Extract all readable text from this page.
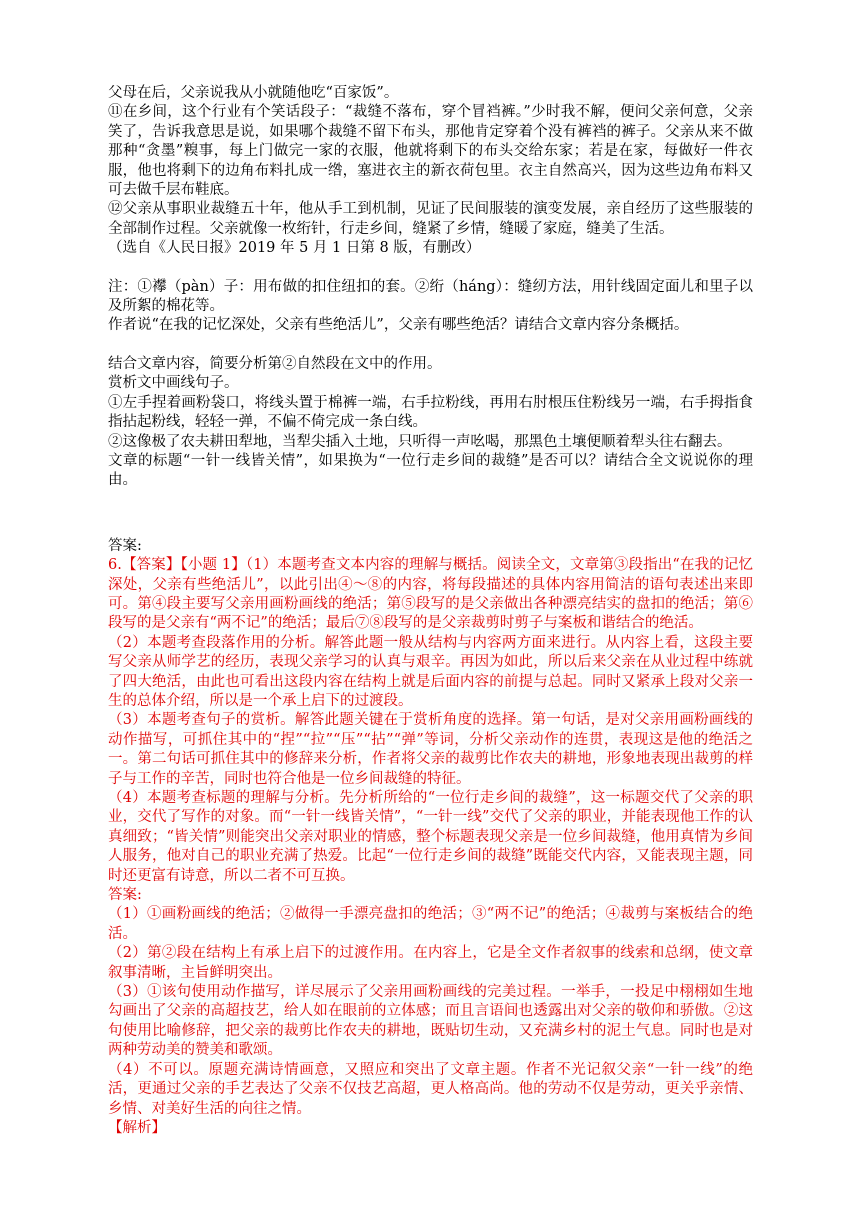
父母在后，父亲说我从小就随他吃“百家饭”。

⑪在乡间，这个行业有个笑话段子：“裁缝不落布，穿个冒裆裤。”少时我不解，便问父亲何意，父亲笑了，告诉我意思是说，如果哪个裁缝不留下布头，那他肯定穿着个没有裤裆的裤子。父亲从来不做那种“贪墨”糗事，每上门做完一家的衣服，他就将剩下的布头交给东家；若是在家，每做好一件衣服，他也将剩下的边角布料扎成一绺，塞进衣主的新衣荷包里。衣主自然高兴，因为这些边角布料又可去做千层布鞋底。

⑫父亲从事职业裁缝五十年，他从手工到机制，见证了民间服装的演变发展，亲自经历了这些服装的全部制作过程。父亲就像一枚绗针，行走乡间，缝紧了乡情，缝暖了家庭，缝美了生活。

（选自《人民日报》2019 年 5 月 1 日第 8 版，有删改）

注：①襻（pàn）子：用布做的扣住纽扣的套。②绗（háng）：缝纫方法，用针线固定面儿和里子以及所絮的棉花等。

作者说“在我的记忆深处，父亲有些绝活儿”，父亲有哪些绝活？请结合文章内容分条概括。

结合文章内容，简要分析第②自然段在文中的作用。

赏析文中画线句子。

①左手捏着画粉袋口，将线头置于棉裤一端，右手拉粉线，再用右肘根压住粉线另一端，右手拇指食指拈起粉线，轻轻一弹，不偏不倚完成一条白线。

②这像极了农夫耕田犁地，当犁尖插入土地，只听得一声吆喝，那黑色土壤便顺着犁头往右翻去。

文章的标题“一针一线皆关情”，如果换为“一位行走乡间的裁缝”是否可以？请结合全文说说你的理由。

答案:

6.【答案】【小题 1】（1）本题考查文本内容的理解与概括。阅读全文，文章第③段指出“在我的记忆深处，父亲有些绝活儿”，以此引出④～⑧的内容，将每段描述的具体内容用简洁的语句表述出来即可。第④段主要写父亲用画粉画线的绝活；第⑤段写的是父亲做出各种漂亮结实的盘扣的绝活；第⑥段写的是父亲有“两不记”的绝活；最后⑦⑧段写的是父亲裁剪时剪子与案板和谐结合的绝活。

（2）本题考查段落作用的分析。解答此题一般从结构与内容两方面来进行。从内容上看，这段主要写父亲从师学艺的经历，表现父亲学习的认真与艰辛。再因为如此，所以后来父亲在从业过程中练就了四大绝活，由此也可看出这段内容在结构上就是后面内容的前提与总起。同时又紧承上段对父亲一生的总体介绍，所以是一个承上启下的过渡段。

（3）本题考查句子的赏析。解答此题关键在于赏析角度的选择。第一句话，是对父亲用画粉画线的动作描写，可抓住其中的“捏”“拉”“压”“拈”“弹”等词，分析父亲动作的连贯，表现这是他的绝活之一。第二句话可抓住其中的修辞来分析，作者将父亲的裁剪比作农夫的耕地，形象地表现出裁剪的样子与工作的辛苦，同时也符合他是一位乡间裁缝的特征。

（4）本题考查标题的理解与分析。先分析所给的“一位行走乡间的裁缝”，这一标题交代了父亲的职业，交代了写作的对象。而“一针一线皆关情”，“一针一线”交代了父亲的职业，并能表现他工作的认真细致；“皆关情”则能突出父亲对职业的情感，整个标题表现父亲是一位乡间裁缝，他用真情为乡间人服务，他对自己的职业充满了热爱。比起“一位行走乡间的裁缝”既能交代内容，又能表现主题，同时还更富有诗意，所以二者不可互换。

答案:

（1）①画粉画线的绝活；②做得一手漂亮盘扣的绝活；③“两不记”的绝活；④裁剪与案板结合的绝活。

（2）第②段在结构上有承上启下的过渡作用。在内容上，它是全文作者叙事的线索和总纲，使文章叙事清晰，主旨鲜明突出。

（3）①该句使用动作描写，详尽展示了父亲用画粉画线的完美过程。一举手，一投足中栩栩如生地勾画出了父亲的高超技艺，给人如在眼前的立体感；而且言语间也透露出对父亲的敬仰和骄傲。②这句使用比喻修辞，把父亲的裁剪比作农夫的耕地，既贴切生动，又充满乡村的泥土气息。同时也是对两种劳动美的赞美和歌颂。

（4）不可以。原题充满诗情画意，又照应和突出了文章主题。作者不光记叙父亲“一针一线”的绝活，更通过父亲的手艺表达了父亲不仅技艺高超，更人格高尚。他的劳动不仅是劳动，更关乎亲情、乡情、对美好生活的向往之情。

【解析】
